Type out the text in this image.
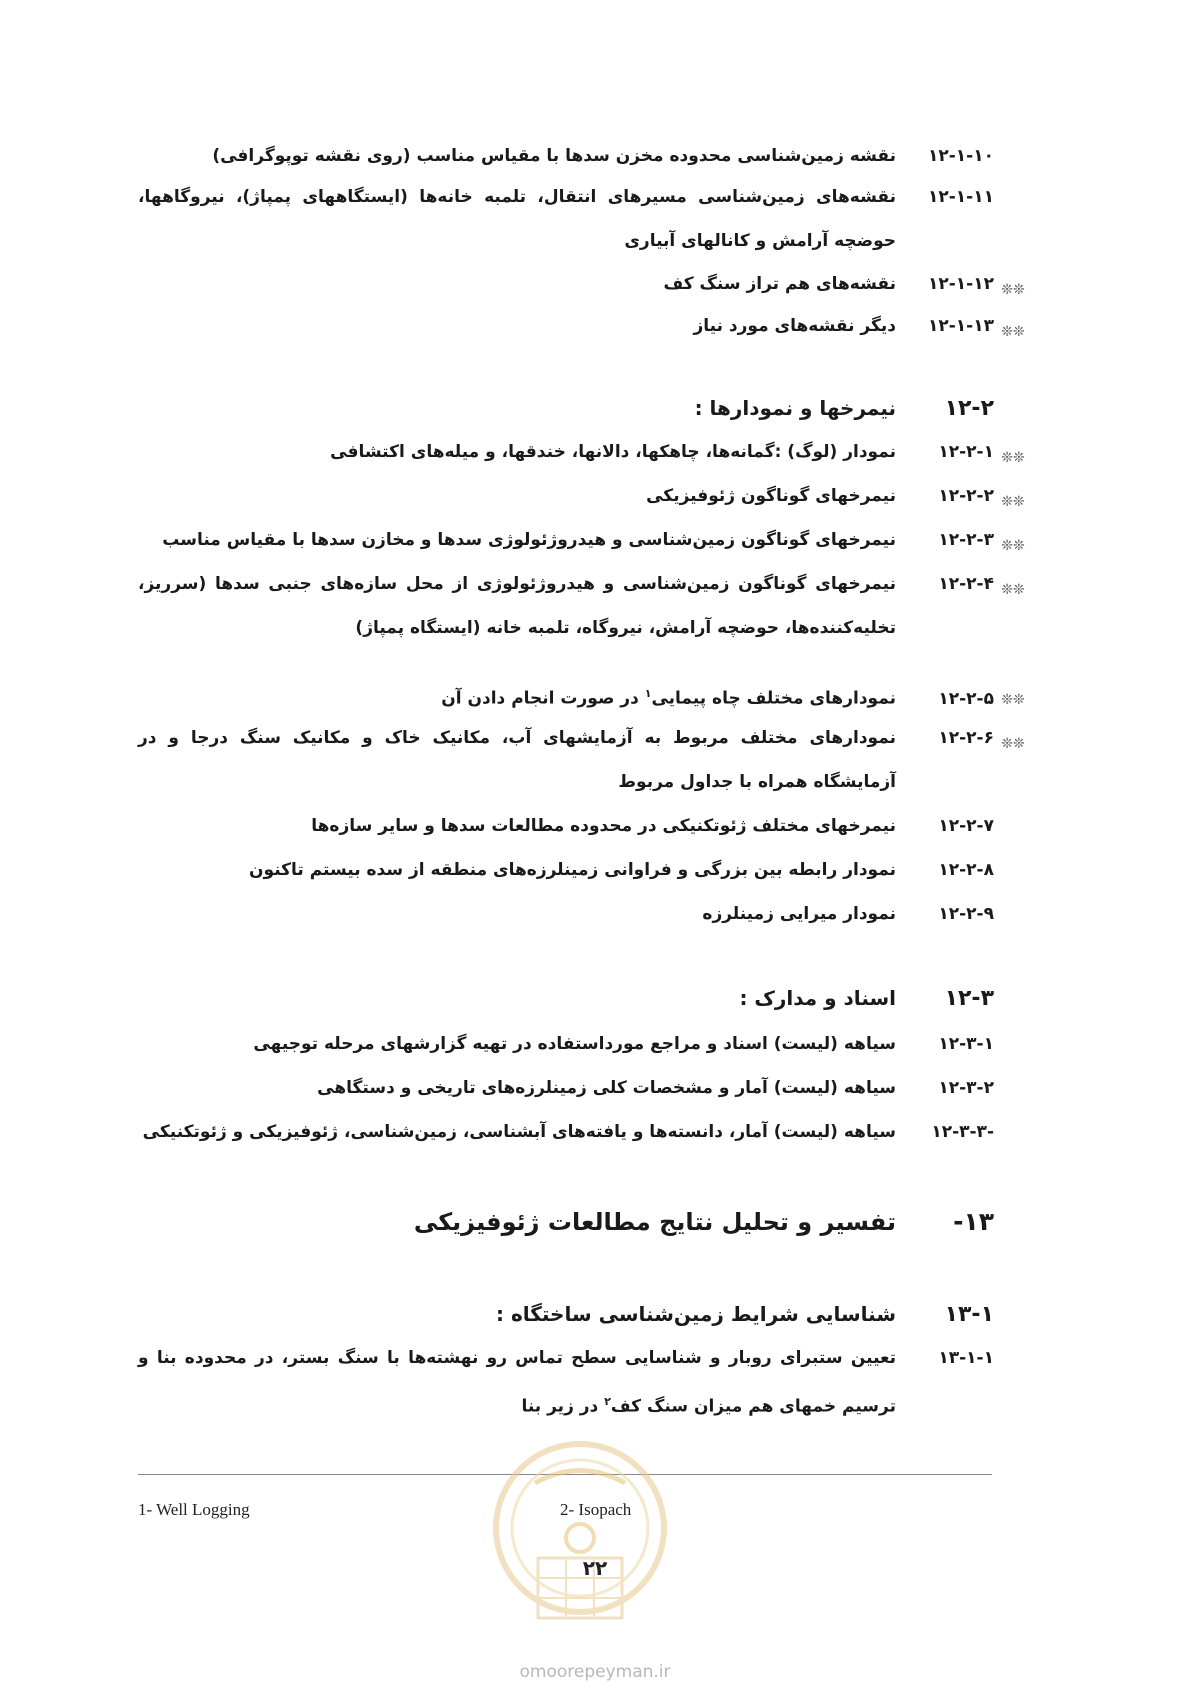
۱۲-۱-۱۰
نقشه زمین‌شناسی محدوده مخزن سدها با مقیاس مناسب (روی نقشه توپوگرافی)
۱۲-۱-۱۱
نقشه‌های زمین‌شناسی مسیرهای انتقال، تلمبه خانه‌ها (ایستگاههای پمپاژ)، نیروگاهها، حوضچه آرامش و کانالهای آبیاری
❊❊
۱۲-۱-۱۲
نقشه‌های هم تراز سنگ کف
❊❊
۱۲-۱-۱۳
دیگر نقشه‌های مورد نیاز
۱۲-۲
نیمرخها و نمودارها :
❊❊
۱۲-۲-۱
نمودار (لوگ) :گمانه‌ها، چاهکها، دالانها، خندقها، و میله‌های اکتشافی
❊❊
۱۲-۲-۲
نیمرخهای گوناگون ژئوفیزیکی
❊❊
۱۲-۲-۳
نیمرخهای گوناگون زمین‌شناسی و هیدروژئولوژی سدها و مخازن سدها با مقیاس مناسب
❊❊
۱۲-۲-۴
نیمرخهای گوناگون زمین‌شناسی و هیدروژئولوژی از محل سازه‌های جنبی سدها (سرریز، تخلیه‌کننده‌ها، حوضچه آرامش، نیروگاه، تلمبه خانه (ایستگاه پمپاژ)
❊❊
۱۲-۲-۵
نمودارهای مختلف چاه پیمایی$^۱$ در صورت انجام دادن آن
❊❊
۱۲-۲-۶
نمودارهای مختلف مربوط به آزمایشهای آب، مکانیک خاک و مکانیک سنگ درجا و در آزمایشگاه همراه با جداول مربوط
۱۲-۲-۷
نیمرخهای مختلف ژئوتکنیکی در محدوده مطالعات سدها و سایر سازه‌ها
۱۲-۲-۸
نمودار رابطه بین بزرگی و فراوانی زمینلرزه‌های منطقه از سده بیستم تاکنون
۱۲-۲-۹
نمودار میرایی زمینلرزه
۱۲-۳
اسناد و مدارک :
۱۲-۳-۱
سیاهه (لیست) اسناد و مراجع مورداستفاده در تهیه گزارشهای مرحله توجیهی
۱۲-۳-۲
سیاهه (لیست) آمار و مشخصات کلی زمینلرزه‌های تاریخی و دستگاهی
-۱۲-۳-۳
سیاهه (لیست) آمار، دانسته‌ها و یافته‌های آبشناسی، زمین‌شناسی، ژئوفیزیکی و ژئوتکنیکی
۱۳-
تفسیر و تحلیل نتایج مطالعات ژئوفیزیکی
۱۳-۱
شناسایی شرایط زمین‌شناسی ساختگاه :
۱۳-۱-۱
تعیین ستبرای روبار و شناسایی سطح تماس رو نهشته‌ها با سنگ بستر، در محدوده بنا و ترسیم خمهای هم میزان سنگ کف$^۲$ در زیر بنا
1- Well Logging	2- Isopach
۲۲
omoorepeyman.ir
